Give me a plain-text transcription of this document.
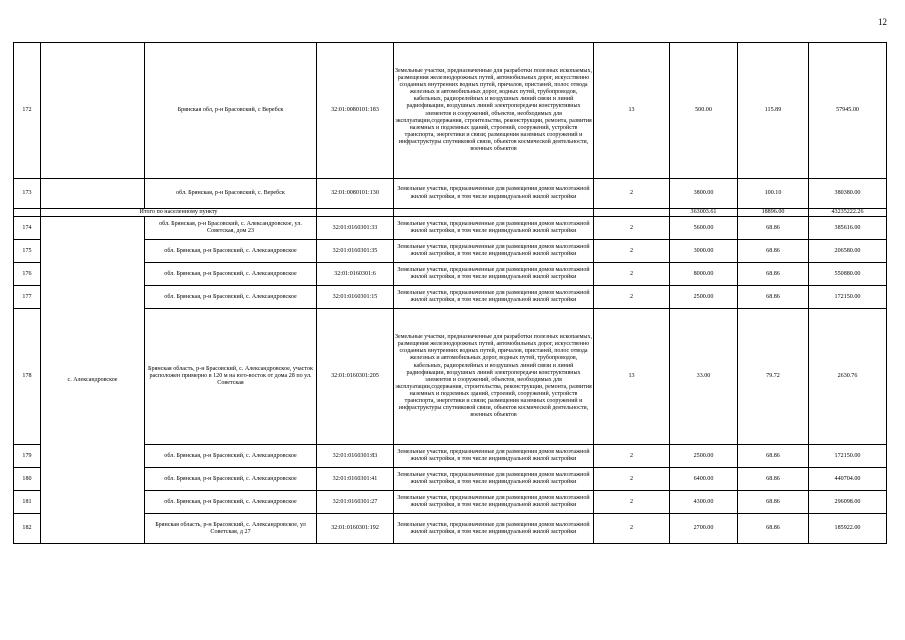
12
172		Брянская обл, р-н Брасовский, с Веребск	32:01:0080101:183	Земельные участки, предназначенные для разработки полезных ископаемых, размещения железнодорожных путей, автомобильных дорог, искусственно созданных внутренних водных путей, причалов, пристаней, полос отвода железных и автомобильных дорог, водных путей, трубопроводов, кабельных, радиорелейных и воздушных линий связи и линий радиофикации, воздушных линий электропередачи конструктивных элементов и сооружений, объектов, необходимых для эксплуатации,содержания, строительства, реконструкции, ремонта, развития наземных и подземных зданий, строений, сооружений, устройств транспорта, энергетики и связи; размещения наземных сооружений и инфраструктуры спутниковой связи, объектов космической деятельности, военных объектов	13	500.00	115.89	57945.00
173		обл. Брянская, р-н Брасовский, с. Веребск	32:01:0080101:130	Земельные участки, предназначенные для размещения домов малоэтажной жилой застройки, в том числе индивидуальной жилой застройки	2	3800.00	100.10	380380.00
	Итого по населенному пункту					363003.61	18896.00	43235222.26
174	с. Александровское	обл. Брянская, р-н Брасовский, с. Александровское, ул. Советская, дом 23	32:01:0160301:33	Земельные участки, предназначенные для размещения домов малоэтажной жилой застройки, в том числе индивидуальной жилой застройки	2	5600.00	68.86	385616.00
175		обл. Брянская, р-н Брасовский, с. Александровское	32:01:0160301:35	Земельные участки, предназначенные для размещения домов малоэтажной жилой застройки, в том числе индивидуальной жилой застройки	2	3000.00	68.86	206580.00
176		обл. Брянская, р-н Брасовский, с. Александровское	32:01:0160301:6	Земельные участки, предназначенные для размещения домов малоэтажной жилой застройки, в том числе индивидуальной жилой застройки	2	8000.00	68.86	550880.00
177		обл. Брянская, р-н Брасовский, с. Александровское	32:01:0160301:15	Земельные участки, предназначенные для размещения домов малоэтажной жилой застройки, в том числе индивидуальной жилой застройки	2	2500.00	68.86	172150.00
178		Брянская область, р-н Брасовский, с. Александровское, участок расположен примерно в 120 м на юго-восток от дома 28 по ул. Советская	32:01:0160301:205	Земельные участки, предназначенные для разработки полезных ископаемых, размещения железнодорожных путей, автомобильных дорог, искусственно созданных внутренних водных путей, причалов, пристаней, полос отвода железных и автомобильных дорог, водных путей, трубопроводов, кабельных, радиорелейных и воздушных линий связи и линий радиофикации, воздушных линий электропередачи конструктивных элементов и сооружений, объектов, необходимых для эксплуатации,содержания, строительства, реконструкции, ремонта, развития наземных и подземных зданий, строений, сооружений, устройств транспорта, энергетики и связи; размещения наземных сооружений и инфраструктуры спутниковой связи, объектов космической деятельности, военных объектов	13	33.00	79.72	2630.76
179		обл. Брянская, р-н Брасовский, с. Александровское	32:01:0160301:83	Земельные участки, предназначенные для размещения домов малоэтажной жилой застройки, в том числе индивидуальной жилой застройки	2	2500.00	68.86	172150.00
180		обл. Брянская, р-н Брасовский, с. Александровское	32:01:0160301:41	Земельные участки, предназначенные для размещения домов малоэтажной жилой застройки, в том числе индивидуальной жилой застройки	2	6400.00	68.86	440704.00
181		обл. Брянская, р-н Брасовский, с. Александровское	32:01:0160301:27	Земельные участки, предназначенные для размещения домов малоэтажной жилой застройки, в том числе индивидуальной жилой застройки	2	4300.00	68.86	296098.00
182		Брянская область, р-н Брасовский, с. Александровское, ул Советская, д 27	32:01:0160301:192	Земельные участки, предназначенные для размещения домов малоэтажной жилой застройки, в том числе индивидуальной жилой застройки	2	2700.00	68.86	185922.00
